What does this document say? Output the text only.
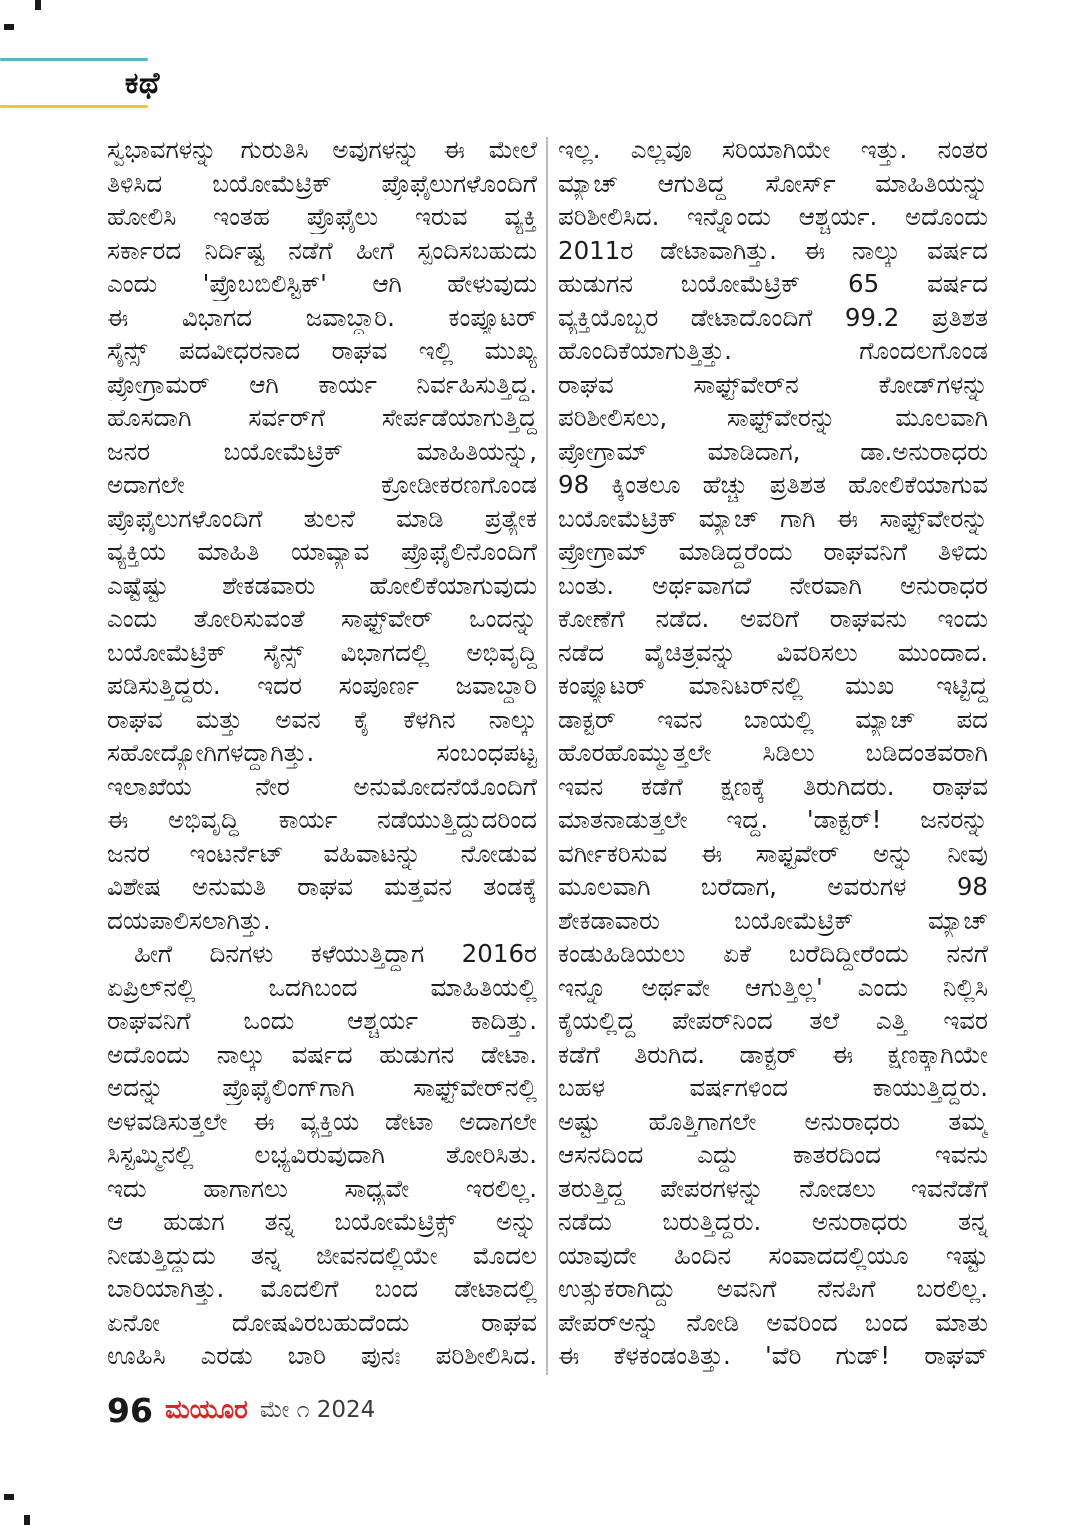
ಕಥೆ
ಸ್ವಭಾವಗಳನ್ನು ಗುರುತಿಸಿ ಅವುಗಳನ್ನು ಈ ಮೇಲೆ
ತಿಳಿಸಿದ ಬಯೋಮೆಟ್ರಿಕ್ ಪ್ರೊಫೈಲುಗಳೊಂದಿಗೆ
ಹೋಲಿಸಿ ಇಂತಹ ಪ್ರೊಫೈಲು ಇರುವ ವ್ಯಕ್ತಿ
ಸರ್ಕಾರದ ನಿರ್ದಿಷ್ಟ ನಡೆಗೆ ಹೀಗೆ ಸ್ಪಂದಿಸಬಹುದು
ಎಂದು 'ಪ್ರೊಬಬಿಲಿಸ್ಟಿಕ್' ಆಗಿ ಹೇಳುವುದು
ಈ ವಿಭಾಗದ ಜವಾಬ್ದಾರಿ. ಕಂಪ್ಯೂಟರ್
ಸೈನ್ಸ್ ಪದವೀಧರನಾದ ರಾಘವ ಇಲ್ಲಿ ಮುಖ್ಯ
ಪ್ರೋಗ್ರಾಮರ್ ಆಗಿ ಕಾರ್ಯ ನಿರ್ವಹಿಸುತ್ತಿದ್ದ.
ಹೊಸದಾಗಿ ಸರ್ವರ್‌ಗೆ ಸೇರ್ಪಡೆಯಾಗುತ್ತಿದ್ದ
ಜನರ ಬಯೋಮೆಟ್ರಿಕ್ ಮಾಹಿತಿಯನ್ನು,
ಅದಾಗಲೇ ಕ್ರೋಡೀಕರಣಗೊಂಡ
ಪ್ರೊಫೈಲುಗಳೊಂದಿಗೆ ತುಲನೆ ಮಾಡಿ ಪ್ರತ್ಯೇಕ
ವ್ಯಕ್ತಿಯ ಮಾಹಿತಿ ಯಾವ್ಯಾವ ಪ್ರೊಫೈಲಿನೊಂದಿಗೆ
ಎಷ್ಟೆಷ್ಟು ಶೇಕಡವಾರು ಹೋಲಿಕೆಯಾಗುವುದು
ಎಂದು ತೋರಿಸುವಂತೆ ಸಾಫ್ಟ್‌ವೇರ್ ಒಂದನ್ನು
ಬಯೋಮೆಟ್ರಿಕ್ ಸೈನ್ಸ್ ವಿಭಾಗದಲ್ಲಿ ಅಭಿವೃದ್ಧಿ
ಪಡಿಸುತ್ತಿದ್ದರು. ಇದರ ಸಂಪೂರ್ಣ ಜವಾಬ್ದಾರಿ
ರಾಘವ ಮತ್ತು ಅವನ ಕೈ ಕೆಳಗಿನ ನಾಲ್ಕು
ಸಹೋದ್ಯೋಗಿಗಳದ್ದಾಗಿತ್ತು. ಸಂಬಂಧಪಟ್ಟ
ಇಲಾಖೆಯ ನೇರ ಅನುಮೋದನೆಯೊಂದಿಗೆ
ಈ ಅಭಿವೃದ್ಧಿ ಕಾರ್ಯ ನಡೆಯುತ್ತಿದ್ದುದರಿಂದ
ಜನರ ಇಂಟರ್ನೆಟ್ ವಹಿವಾಟನ್ನು ನೋಡುವ
ವಿಶೇಷ ಅನುಮತಿ ರಾಘವ ಮತ್ತವನ ತಂಡಕ್ಕೆ
ದಯಪಾಲಿಸಲಾಗಿತ್ತು.
ಹೀಗೆ ದಿನಗಳು ಕಳೆಯುತ್ತಿದ್ದಾಗ 2016ರ
ಏಪ್ರಿಲ್‌ನಲ್ಲಿ ಒದಗಿಬಂದ ಮಾಹಿತಿಯಲ್ಲಿ
ರಾಘವನಿಗೆ ಒಂದು ಆಶ್ಚರ್ಯ ಕಾದಿತ್ತು.
ಅದೊಂದು ನಾಲ್ಕು ವರ್ಷದ ಹುಡುಗನ ಡೇಟಾ.
ಅದನ್ನು ಪ್ರೊಫೈಲಿಂಗ್‌ಗಾಗಿ ಸಾಫ್ಟ್‌ವೇರ್‌ನಲ್ಲಿ
ಅಳವಡಿಸುತ್ತಲೇ ಈ ವ್ಯಕ್ತಿಯ ಡೇಟಾ ಅದಾಗಲೇ
ಸಿಸ್ಟಮ್ಮಿನಲ್ಲಿ ಲಭ್ಯವಿರುವುದಾಗಿ ತೋರಿಸಿತು.
ಇದು ಹಾಗಾಗಲು ಸಾಧ್ಯವೇ ಇರಲಿಲ್ಲ.
ಆ ಹುಡುಗ ತನ್ನ ಬಯೋಮೆಟ್ರಿಕ್ಸ್ ಅನ್ನು
ನೀಡುತ್ತಿದ್ದುದು ತನ್ನ ಜೀವನದಲ್ಲಿಯೇ ಮೊದಲ
ಬಾರಿಯಾಗಿತ್ತು. ಮೊದಲಿಗೆ ಬಂದ ಡೇಟಾದಲ್ಲಿ
ಏನೋ ದೋಷವಿರಬಹುದೆಂದು ರಾಘವ
ಊಹಿಸಿ ಎರಡು ಬಾರಿ ಪುನಃ ಪರಿಶೀಲಿಸಿದ.
ಇಲ್ಲ. ಎಲ್ಲವೂ ಸರಿಯಾಗಿಯೇ ಇತ್ತು. ನಂತರ
ಮ್ಯಾಚ್ ಆಗುತಿದ್ದ ಸೋರ್ಸ್ ಮಾಹಿತಿಯನ್ನು
ಪರಿಶೀಲಿಸಿದ. ಇನ್ನೊಂದು ಆಶ್ಚರ್ಯ. ಅದೊಂದು
2011ರ ಡೇಟಾವಾಗಿತ್ತು. ಈ ನಾಲ್ಕು ವರ್ಷದ
ಹುಡುಗನ ಬಯೋಮೆಟ್ರಿಕ್ 65 ವರ್ಷದ
ವ್ಯಕ್ತಿಯೊಬ್ಬರ ಡೇಟಾದೊಂದಿಗೆ 99.2 ಪ್ರತಿಶತ
ಹೊಂದಿಕೆಯಾಗುತ್ತಿತ್ತು. ಗೊಂದಲಗೊಂಡ
ರಾಘವ ಸಾಫ್ಟ್‌ವೇರ್‌ನ ಕೋಡ್‌ಗಳನ್ನು
ಪರಿಶೀಲಿಸಲು, ಸಾಫ್ಟ್‌ವೇರನ್ನು ಮೂಲವಾಗಿ
ಪ್ರೋಗ್ರಾಮ್ ಮಾಡಿದಾಗ, ಡಾ.ಅನುರಾಧರು
98 ಕ್ಕಿಂತಲೂ ಹೆಚ್ಚು ಪ್ರತಿಶತ ಹೋಲಿಕೆಯಾಗುವ
ಬಯೋಮೆಟ್ರಿಕ್ ಮ್ಯಾಚ್ ಗಾಗಿ ಈ ಸಾಫ್ಟ್‌ವೇರನ್ನು
ಪ್ರೋಗ್ರಾಮ್ ಮಾಡಿದ್ದರೆಂದು ರಾಘವನಿಗೆ ತಿಳಿದು
ಬಂತು. ಅರ್ಥವಾಗದೆ ನೇರವಾಗಿ ಅನುರಾಧರ
ಕೋಣೆಗೆ ನಡೆದ. ಅವರಿಗೆ ರಾಘವನು ಇಂದು
ನಡೆದ ವೈಚಿತ್ರ್ಯವನ್ನು ವಿವರಿಸಲು ಮುಂದಾದ.
ಕಂಪ್ಯೂಟರ್ ಮಾನಿಟರ್‌ನಲ್ಲಿ ಮುಖ ಇಟ್ಟಿದ್ದ
ಡಾಕ್ಟರ್ ಇವನ ಬಾಯಲ್ಲಿ ಮ್ಯಾಚ್ ಪದ
ಹೊರಹೊಮ್ಮುತ್ತಲೇ ಸಿಡಿಲು ಬಡಿದಂತವರಾಗಿ
ಇವನ ಕಡೆಗೆ ಕ್ಷಣಕ್ಕೆ ತಿರುಗಿದರು. ರಾಘವ
ಮಾತನಾಡುತ್ತಲೇ ಇದ್ದ. 'ಡಾಕ್ಟರ್! ಜನರನ್ನು
ವರ್ಗೀಕರಿಸುವ ಈ ಸಾಫ್ಟವೇರ್ ಅನ್ನು ನೀವು
ಮೂಲವಾಗಿ ಬರೆದಾಗ, ಅವರುಗಳ 98
ಶೇಕಡಾವಾರು ಬಯೋಮೆಟ್ರಿಕ್ ಮ್ಯಾಚ್
ಕಂಡುಹಿಡಿಯಲು ಏಕೆ ಬರೆದಿದ್ದೀರೆಂದು ನನಗೆ
ಇನ್ನೂ ಅರ್ಥವೇ ಆಗುತ್ತಿಲ್ಲ' ಎಂದು ನಿಲ್ಲಿಸಿ
ಕೈಯಲ್ಲಿದ್ದ ಪೇಪರ್‌ನಿಂದ ತಲೆ ಎತ್ತಿ ಇವರ
ಕಡೆಗೆ ತಿರುಗಿದ. ಡಾಕ್ಟರ್ ಈ ಕ್ಷಣಕ್ಕಾಗಿಯೇ
ಬಹಳ ವರ್ಷಗಳಿಂದ ಕಾಯುತ್ತಿದ್ದರು.
ಅಷ್ಟು ಹೊತ್ತಿಗಾಗಲೇ ಅನುರಾಧರು ತಮ್ಮ
ಆಸನದಿಂದ ಎದ್ದು ಕಾತರದಿಂದ ಇವನು
ತರುತ್ತಿದ್ದ ಪೇಪರಗಳನ್ನು ನೋಡಲು ಇವನೆಡೆಗೆ
ನಡೆದು ಬರುತ್ತಿದ್ದರು. ಅನುರಾಧರು ತನ್ನ
ಯಾವುದೇ ಹಿಂದಿನ ಸಂವಾದದಲ್ಲಿಯೂ ಇಷ್ಟು
ಉತ್ಸುಕರಾಗಿದ್ದು ಅವನಿಗೆ ನೆನಪಿಗೆ ಬರಲಿಲ್ಲ.
ಪೇಪರ್‌ಅನ್ನು ನೋಡಿ ಅವರಿಂದ ಬಂದ ಮಾತು
ಈ ಕೆಳಕಂಡಂತಿತ್ತು. 'ವೆರಿ ಗುಡ್! ರಾಘವ್
96 ಮಯೂರ ಮೇ ೧ 2024
